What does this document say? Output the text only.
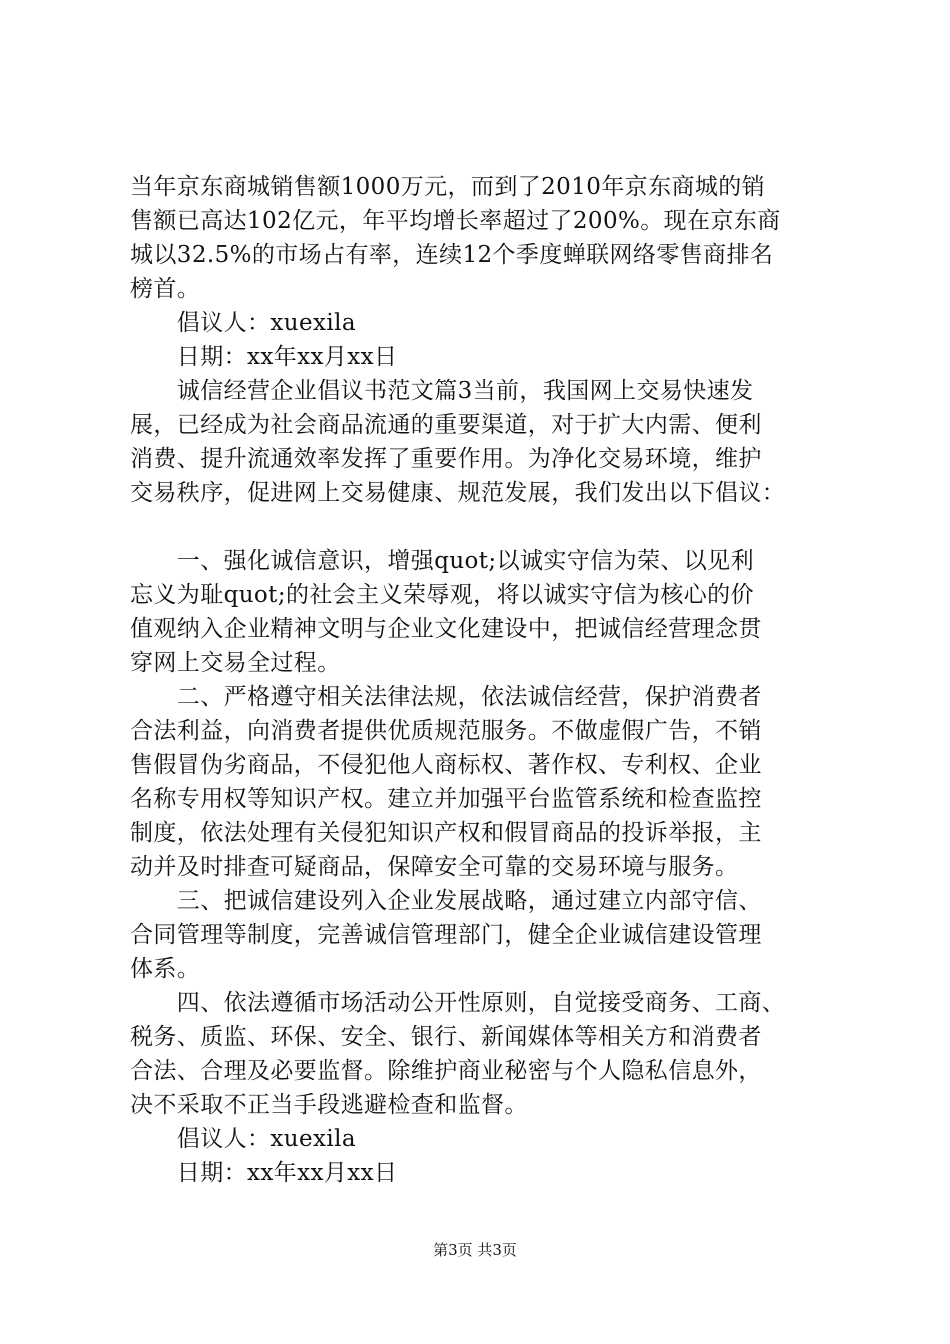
当年京东商城销售额1000万元，而到了2010年京东商城的销
售额已高达102亿元，年平均增长率超过了200%。现在京东商
城以32.5%的市场占有率，连续12个季度蝉联网络零售商排名
榜首。
　　倡议人：xuexila
　　日期：xx年xx月xx日
　　诚信经营企业倡议书范文篇3当前，我国网上交易快速发
展，已经成为社会商品流通的重要渠道，对于扩大内需、便利
消费、提升流通效率发挥了重要作用。为净化交易环境，维护
交易秩序，促进网上交易健康、规范发展，我们发出以下倡议：
　　一、强化诚信意识，增强quot;以诚实守信为荣、以见利
忘义为耻quot;的社会主义荣辱观，将以诚实守信为核心的价
值观纳入企业精神文明与企业文化建设中，把诚信经营理念贯
穿网上交易全过程。
　　二、严格遵守相关法律法规，依法诚信经营，保护消费者
合法利益，向消费者提供优质规范服务。不做虚假广告，不销
售假冒伪劣商品，不侵犯他人商标权、著作权、专利权、企业
名称专用权等知识产权。建立并加强平台监管系统和检查监控
制度，依法处理有关侵犯知识产权和假冒商品的投诉举报，主
动并及时排查可疑商品，保障安全可靠的交易环境与服务。
　　三、把诚信建设列入企业发展战略，通过建立内部守信、
合同管理等制度，完善诚信管理部门，健全企业诚信建设管理
体系。
　　四、依法遵循市场活动公开性原则，自觉接受商务、工商、
税务、质监、环保、安全、银行、新闻媒体等相关方和消费者
合法、合理及必要监督。除维护商业秘密与个人隐私信息外，
决不采取不正当手段逃避检查和监督。
　　倡议人：xuexila
　　日期：xx年xx月xx日
第3页 共3页
